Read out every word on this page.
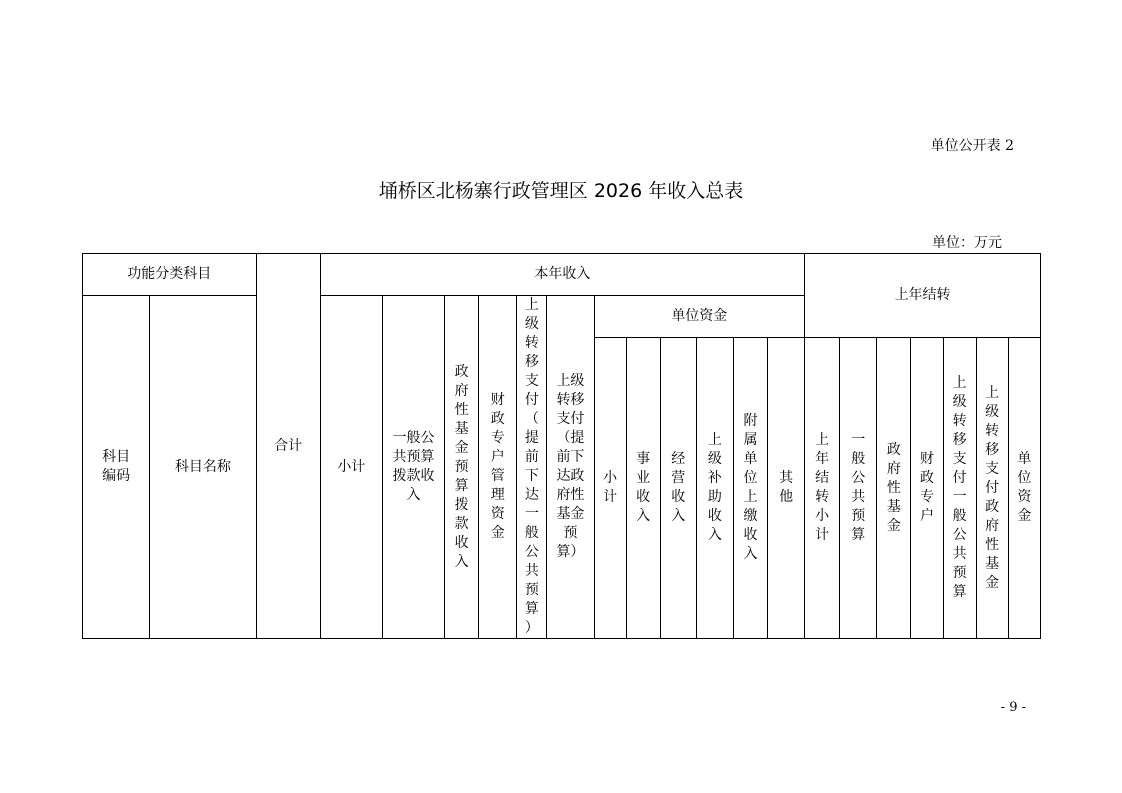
单位公开表 2
埇桥区北杨寨行政管理区 2026 年收入总表
单位：万元
功能分类科目		合计	本年收入												上年结转						

科目编码	科目名称		小计	一般公共预算拨款收入	政府性基金预算拨款收入	财政专户管理资金	上级转移支付（提前下达一般公共预算）	上级转移支付（提前下达政府性基金预算）	单位资金												

									小计	事业收入	经营收入	上级补助收入	附属单位上缴收入	其他	上年结转小计	一般公共预算	政府性基金	财政专户	上级转移支付一般公共预算	上级转移支付政府性基金	单位资金
- 9 -
